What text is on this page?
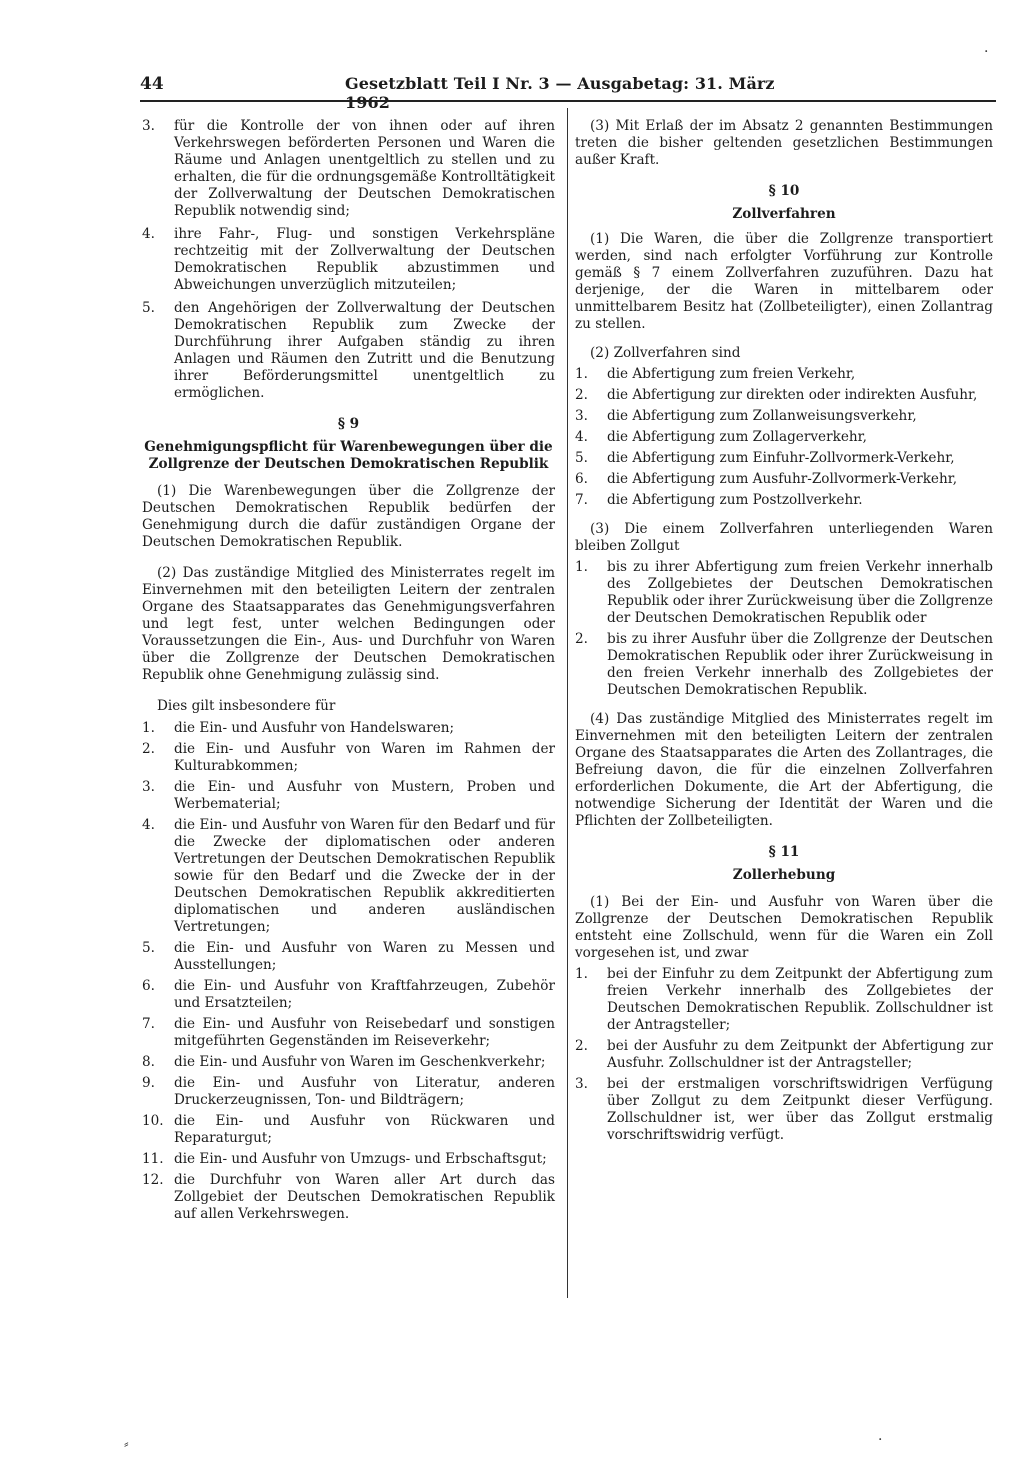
44	Gesetzblatt Teil I Nr. 3 — Ausgabetag: 31. März 1962
3.	für die Kontrolle der von ihnen oder auf ihren Verkehrswegen beförderten Personen und Waren die Räume und Anlagen unentgeltlich zu stellen und zu erhalten, die für die ordnungsgemäße Kontrolltätigkeit der Zollverwaltung der Deutschen Demokratischen Republik notwendig sind;
4.	ihre Fahr-, Flug- und sonstigen Verkehrspläne rechtzeitig mit der Zollverwaltung der Deutschen Demokratischen Republik abzustimmen und Abweichungen unverzüglich mitzuteilen;
5.	den Angehörigen der Zollverwaltung der Deutschen Demokratischen Republik zum Zwecke der Durchführung ihrer Aufgaben ständig zu ihren Anlagen und Räumen den Zutritt und die Benutzung ihrer Beförderungsmittel unentgeltlich zu ermöglichen.

§ 9

Genehmigungspflicht für Warenbewegungen über die Zollgrenze der Deutschen Demokratischen Republik

(1) Die Warenbewegungen über die Zollgrenze der Deutschen Demokratischen Republik bedürfen der Genehmigung durch die dafür zuständigen Organe der Deutschen Demokratischen Republik.

(2) Das zuständige Mitglied des Ministerrates regelt im Einvernehmen mit den beteiligten Leitern der zentralen Organe des Staatsapparates das Genehmigungsverfahren und legt fest, unter welchen Bedingungen oder Voraussetzungen die Ein-, Aus- und Durchfuhr von Waren über die Zollgrenze der Deutschen Demokratischen Republik ohne Genehmigung zulässig sind.

Dies gilt insbesondere für

1.	die Ein- und Ausfuhr von Handelswaren;
2.	die Ein- und Ausfuhr von Waren im Rahmen der Kulturabkommen;
3.	die Ein- und Ausfuhr von Mustern, Proben und Werbematerial;
4.	die Ein- und Ausfuhr von Waren für den Bedarf und für die Zwecke der diplomatischen oder anderen Vertretungen der Deutschen Demokratischen Republik sowie für den Bedarf und die Zwecke der in der Deutschen Demokratischen Republik akkreditierten diplomatischen und anderen ausländischen Vertretungen;
5.	die Ein- und Ausfuhr von Waren zu Messen und Ausstellungen;
6.	die Ein- und Ausfuhr von Kraftfahrzeugen, Zubehör und Ersatzteilen;
7.	die Ein- und Ausfuhr von Reisebedarf und sonstigen mitgeführten Gegenständen im Reiseverkehr;
8.	die Ein- und Ausfuhr von Waren im Geschenkverkehr;
9.	die Ein- und Ausfuhr von Literatur, anderen Druckerzeugnissen, Ton- und Bildträgern;
10. die Ein- und Ausfuhr von Rückwaren und Reparaturgut;
11. die Ein- und Ausfuhr von Umzugs- und Erbschaftsgut;
12. die Durchfuhr von Waren aller Art durch das Zollgebiet der Deutschen Demokratischen Republik auf allen Verkehrswegen.

(3) Mit Erlaß der im Absatz 2 genannten Bestimmungen treten die bisher geltenden gesetzlichen Bestimmungen außer Kraft.

§ 10

Zollverfahren

(1) Die Waren, die über die Zollgrenze transportiert werden, sind nach erfolgter Vorführung zur Kontrolle gemäß § 7 einem Zollverfahren zuzuführen. Dazu hat derjenige, der die Waren in mittelbarem oder unmittelbarem Besitz hat (Zollbeteiligter), einen Zollantrag zu stellen.

(2) Zollverfahren sind

1.	die Abfertigung zum freien Verkehr,
2.	die Abfertigung zur direkten oder indirekten Ausfuhr,
3.	die Abfertigung zum Zollanweisungsverkehr,
4.	die Abfertigung zum Zollagerverkehr,
5.	die Abfertigung zum Einfuhr-Zollvormerk-Verkehr,
6.	die Abfertigung zum Ausfuhr-Zollvormerk-Verkehr,
7.	die Abfertigung zum Postzollverkehr.

(3) Die einem Zollverfahren unterliegenden Waren bleiben Zollgut

1.	bis zu ihrer Abfertigung zum freien Verkehr innerhalb des Zollgebietes der Deutschen Demokratischen Republik oder ihrer Zurückweisung über die Zollgrenze der Deutschen Demokratischen Republik oder
2.	bis zu ihrer Ausfuhr über die Zollgrenze der Deutschen Demokratischen Republik oder ihrer Zurückweisung in den freien Verkehr innerhalb des Zollgebietes der Deutschen Demokratischen Republik.

(4) Das zuständige Mitglied des Ministerrates regelt im Einvernehmen mit den beteiligten Leitern der zentralen Organe des Staatsapparates die Arten des Zollantrages, die Befreiung davon, die für die einzelnen Zollverfahren erforderlichen Dokumente, die Art der Abfertigung, die notwendige Sicherung der Identität der Waren und die Pflichten der Zollbeteiligten.

§ 11

Zollerhebung

(1) Bei der Ein- und Ausfuhr von Waren über die Zollgrenze der Deutschen Demokratischen Republik entsteht eine Zollschuld, wenn für die Waren ein Zoll vorgesehen ist, und zwar

1.	bei der Einfuhr zu dem Zeitpunkt der Abfertigung zum freien Verkehr innerhalb des Zollgebietes der Deutschen Demokratischen Republik. Zollschuldner ist der Antragsteller;
2.	bei der Ausfuhr zu dem Zeitpunkt der Abfertigung zur Ausfuhr. Zollschuldner ist der Antragsteller;
3.	bei der erstmaligen vorschriftswidrigen Verfügung über Zollgut zu dem Zeitpunkt dieser Verfügung. Zollschuldner ist, wer über das Zollgut erstmalig vorschriftswidrig verfügt.
·
⸗	·
